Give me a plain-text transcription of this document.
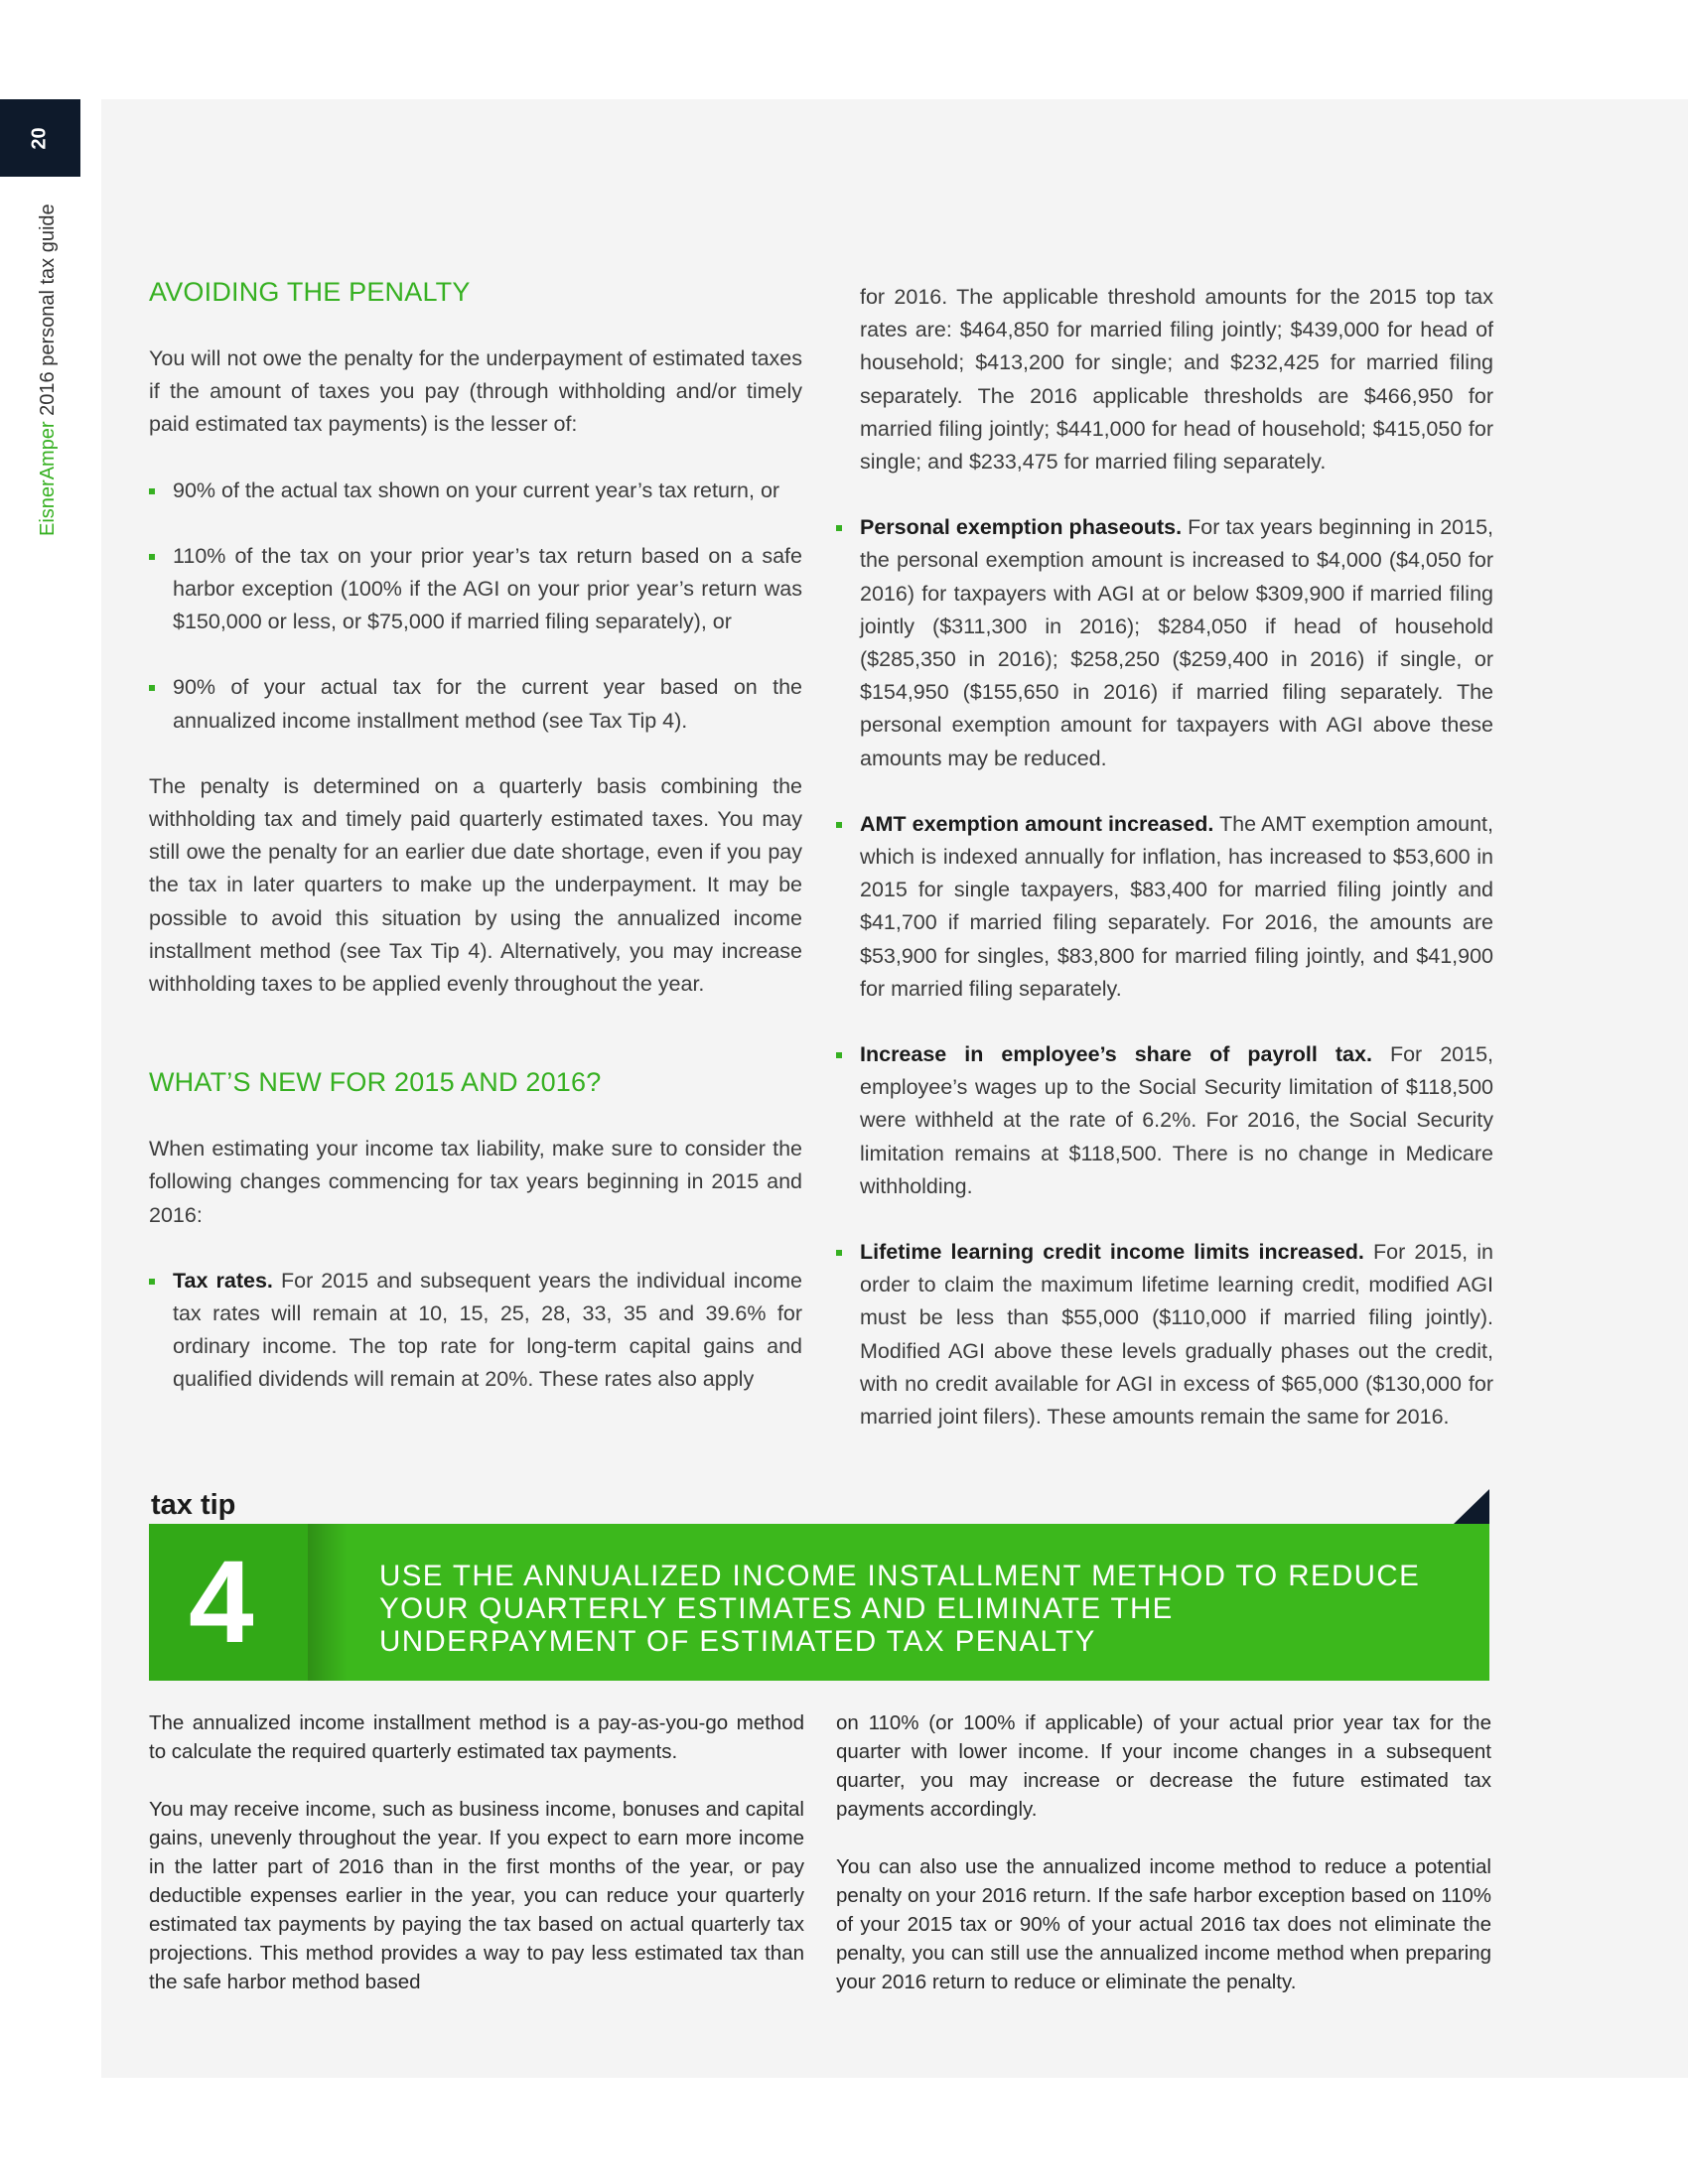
20
EisnerAmper 2016 personal tax guide	AVOIDING THE PENALTY

You will not owe the penalty for the underpayment of estimated taxes if the amount of taxes you pay (through withholding and/or timely paid estimated tax payments) is the lesser of:

90% of the actual tax shown on your current year’s tax return, or
110% of the tax on your prior year’s tax return based on a safe harbor exception (100% if the AGI on your prior year’s return was $150,000 or less, or $75,000 if married filing separately), or
90% of your actual tax for the current year based on the annualized income installment method (see Tax Tip 4).

The penalty is determined on a quarterly basis combining the withholding tax and timely paid quarterly estimated taxes. You may still owe the penalty for an earlier due date shortage, even if you pay the tax in later quarters to make up the underpayment. It may be possible to avoid this situation by using the annualized income installment method (see Tax Tip 4). Alternatively, you may increase withholding taxes to be applied evenly throughout the year.

WHAT’S NEW FOR 2015 AND 2016?

When estimating your income tax liability, make sure to consider the following changes commencing for tax years beginning in 2015 and 2016:

Tax rates. For 2015 and subsequent years the individual income tax rates will remain at 10, 15, 25, 28, 33, 35 and 39.6% for ordinary income. The top rate for long-term capital gains and qualified dividends will remain at 20%. These rates also apply

for 2016. The applicable threshold amounts for the 2015 top tax rates are: $464,850 for married filing jointly; $439,000 for head of household; $413,200 for single; and $232,425 for married filing separately. The 2016 applicable thresholds are $466,950 for married filing jointly; $441,000 for head of household; $415,050 for single; and $233,475 for married filing separately.

Personal exemption phaseouts. For tax years beginning in 2015, the personal exemption amount is increased to $4,000 ($4,050 for 2016) for taxpayers with AGI at or below $309,900 if married filing jointly ($311,300 in 2016); $284,050 if head of household ($285,350 in 2016); $258,250 ($259,400 in 2016) if single, or $154,950 ($155,650 in 2016) if married filing separately. The personal exemption amount for taxpayers with AGI above these amounts may be reduced.
AMT exemption amount increased. The AMT exemption amount, which is indexed annually for inflation, has increased to $53,600 in 2015 for single taxpayers, $83,400 for married filing jointly and $41,700 if married filing separately. For 2016, the amounts are $53,900 for singles, $83,800 for married filing jointly, and $41,900 for married filing separately.
Increase in employee’s share of payroll tax. For 2015, employee’s wages up to the Social Security limitation of $118,500 were withheld at the rate of 6.2%. For 2016, the Social Security limitation remains at $118,500. There is no change in Medicare withholding.
Lifetime learning credit income limits increased. For 2015, in order to claim the maximum lifetime learning credit, modified AGI must be less than $55,000 ($110,000 if married filing jointly). Modified AGI above these levels gradually phases out the credit, with no credit available for AGI in excess of $65,000 ($130,000 for married joint filers). These amounts remain the same for 2016.
tax tip
4	USE THE ANNUALIZED INCOME INSTALLMENT METHOD TO REDUCE YOUR QUARTERLY ESTIMATES AND ELIMINATE THE UNDERPAYMENT OF ESTIMATED TAX PENALTY

The annualized income installment method is a pay-as-you-go method to calculate the required quarterly estimated tax payments.

You may receive income, such as business income, bonuses and capital gains, unevenly throughout the year. If you expect to earn more income in the latter part of 2016 than in the first months of the year, or pay deductible expenses earlier in the year, you can reduce your quarterly estimated tax payments by paying the tax based on actual quarterly tax projections. This method provides a way to pay less estimated tax than the safe harbor method based

on 110% (or 100% if applicable) of your actual prior year tax for the quarter with lower income. If your income changes in a subsequent quarter, you may increase or decrease the future estimated tax payments accordingly.

You can also use the annualized income method to reduce a potential penalty on your 2016 return. If the safe harbor exception based on 110% of your 2015 tax or 90% of your actual 2016 tax does not eliminate the penalty, you can still use the annualized income method when preparing your 2016 return to reduce or eliminate the penalty.
